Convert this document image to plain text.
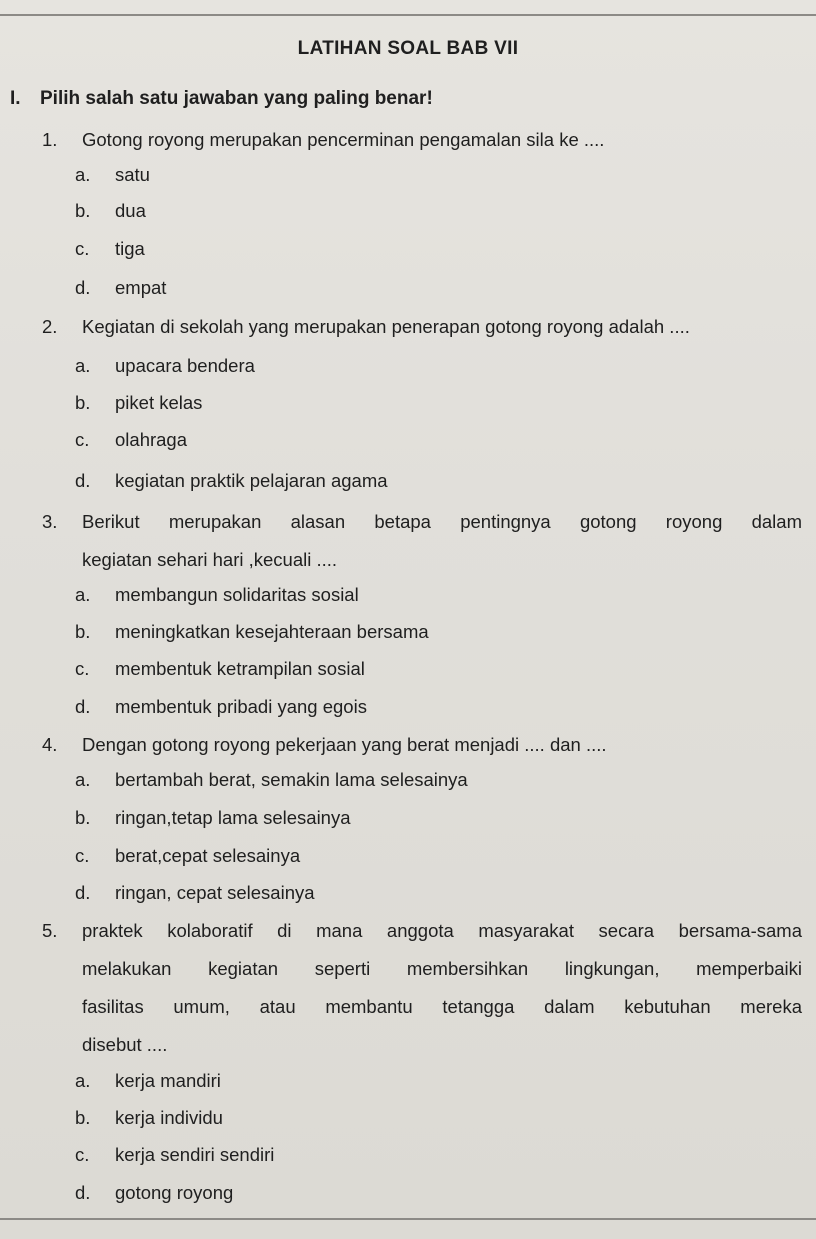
LATIHAN SOAL BAB VII
I. Pilih salah satu jawaban yang paling benar!
1. Gotong royong merupakan pencerminan pengamalan sila ke ....
a. satu
b. dua
c. tiga
d. empat
2. Kegiatan di sekolah yang merupakan penerapan gotong royong adalah ....
a. upacara bendera
b. piket kelas
c. olahraga
d. kegiatan praktik pelajaran agama
3. Berikut merupakan alasan betapa pentingnya gotong royong dalam
kegiatan sehari hari ,kecuali ....
a. membangun solidaritas sosial
b. meningkatkan kesejahteraan bersama
c. membentuk ketrampilan sosial
d. membentuk pribadi yang egois
4. Dengan gotong royong pekerjaan yang berat menjadi .... dan ....
a. bertambah berat, semakin lama selesainya
b. ringan,tetap lama selesainya
c. berat,cepat selesainya
d. ringan, cepat selesainya
5. praktek kolaboratif di mana anggota masyarakat secara bersama-sama
melakukan kegiatan seperti membersihkan lingkungan, memperbaiki
fasilitas umum, atau membantu tetangga dalam kebutuhan mereka
disebut ....
a. kerja mandiri
b. kerja individu
c. kerja sendiri sendiri
d. gotong royong
